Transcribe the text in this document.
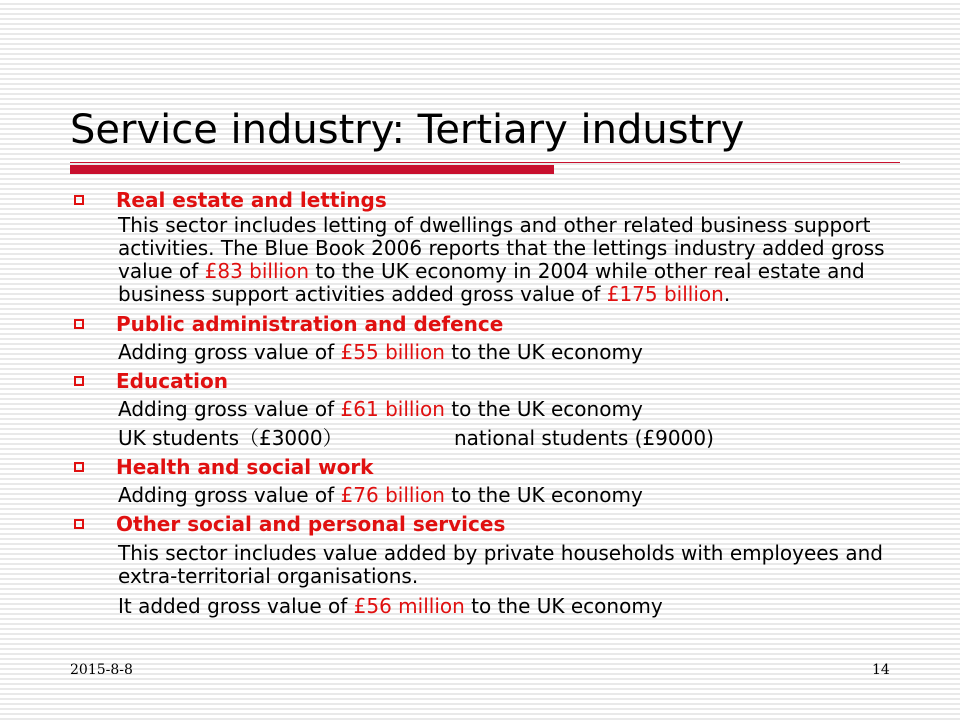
Service industry: Tertiary industry
Real estate and lettings
This sector includes letting of dwellings and other related business support activities. The Blue Book 2006 reports that the lettings industry added gross value of £83 billion to the UK economy in 2004 while other real estate and business support activities added gross value of £175 billion.
Public administration and defence
Adding gross value of £55 billion to the UK economy
Education
Adding gross value of £61 billion to the UK economy
UK students（£3000）	national students (£9000)
Health and social work
Adding gross value of £76 billion to the UK economy
Other social and personal services
This sector includes value added by private households with employees and extra-territorial organisations.
It added gross value of £56 million to the UK economy
2015-8-8	14
